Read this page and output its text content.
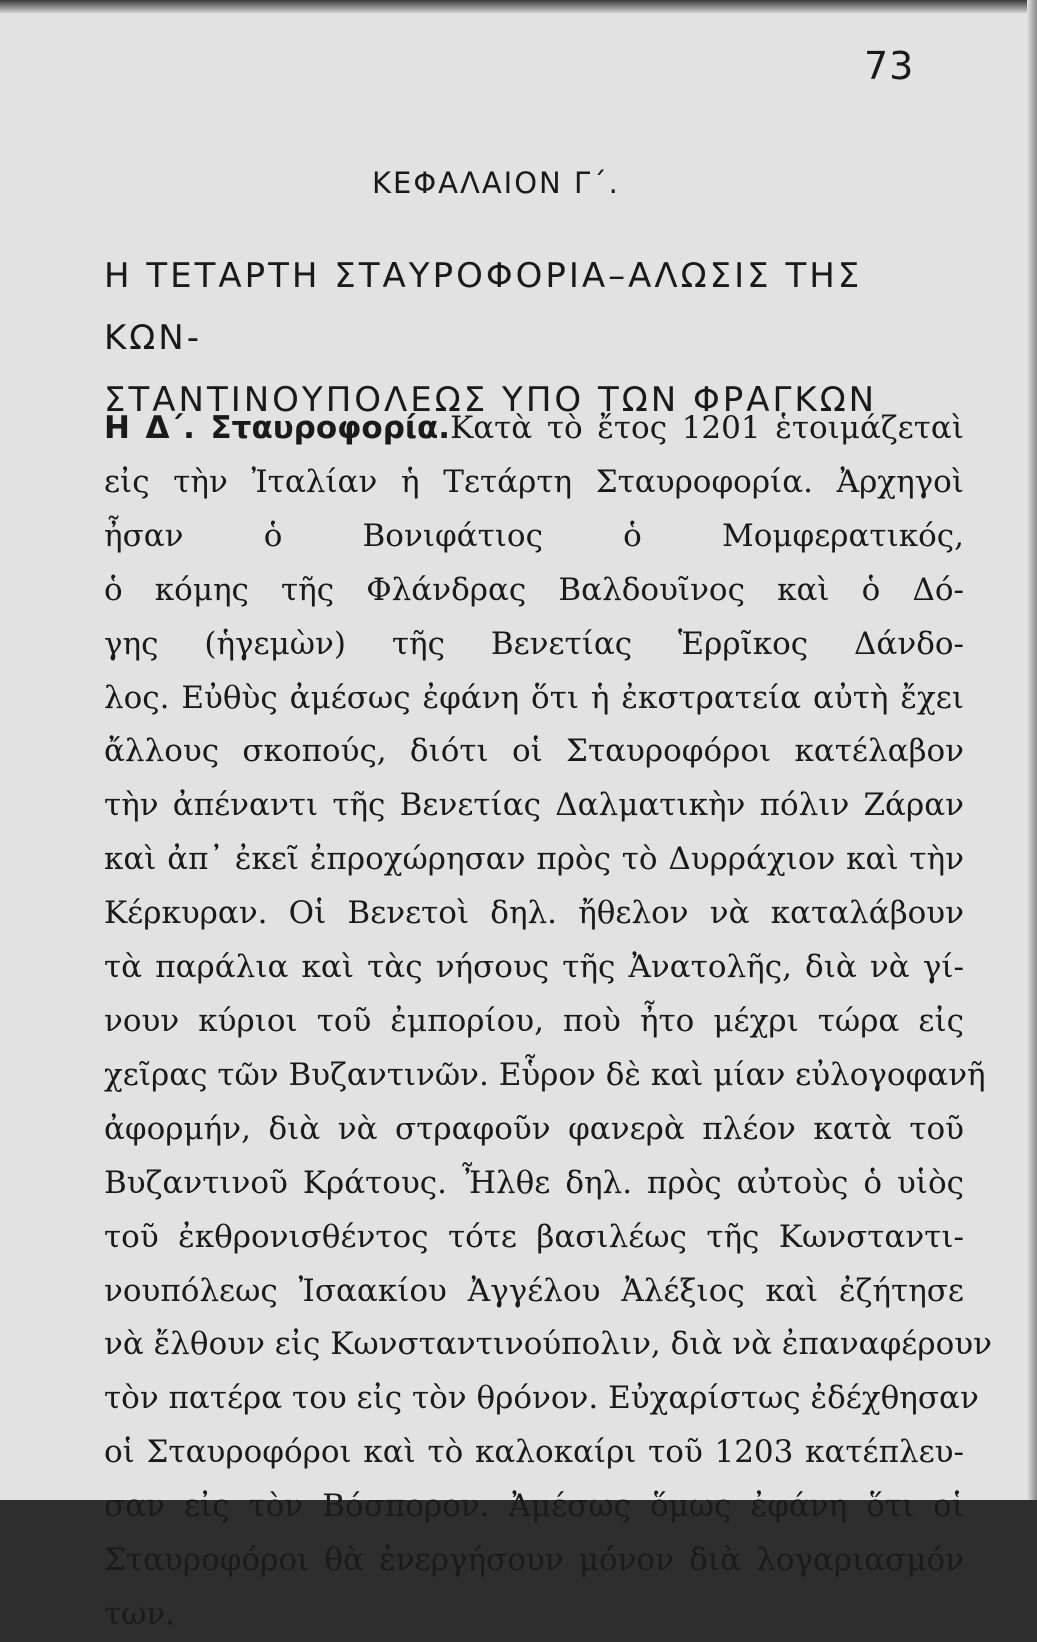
73
ΚΕΦΑΛΑΙΟΝ Γ΄.
Η ΤΕΤΑΡΤΗ ΣΤΑΥΡΟΦΟΡΙΑ–ΑΛΩΣΙΣ ΤΗΣ ΚΩΝ-
ΣΤΑΝΤΙΝΟΥΠΟΛΕΩΣ ΥΠΟ ΤΩΝ ΦΡΑΓΚΩΝ
Η Δ΄. Σταυροφορία.Κατὰ τὸ ἔτος 1201 ἑτοιμάζεταὶ
εἰς τὴν Ἰταλίαν ἡ Τετάρτη Σταυροφορία. Ἀρχηγοὶ
ἦσαν ὁ Βονιφάτιος ὁ Μομφερατικός,
ὁ κόμης τῆς Φλάνδρας Βαλδουῖνος καὶ ὁ Δό-
γης (ἡγεμὼν) τῆς Βενετίας Ἑρρῖκος Δάνδο-
λος. Εὐθὺς ἀμέσως ἐφάνη ὅτι ἡ ἐκστρατεία αὐτὴ ἔχει
ἄλλους σκοπούς, διότι οἱ Σταυροφόροι κατέλαβον
τὴν ἀπέναντι τῆς Βενετίας Δαλματικὴν πόλιν Ζάραν
καὶ ἀπ᾽ ἐκεῖ ἐπροχώρησαν πρὸς τὸ Δυρράχιον καὶ τὴν
Κέρκυραν. Οἱ Βενετοὶ δηλ. ἤθελον νὰ καταλάβουν
τὰ παράλια καὶ τὰς νήσους τῆς Ἀνατολῆς, διὰ νὰ γί-
νουν κύριοι τοῦ ἐμπορίου, ποὺ ἦτο μέχρι τώρα εἰς
χεῖρας τῶν Βυζαντινῶν. Εὗρον δὲ καὶ μίαν εὐλογοφανῆ
ἀφορμήν, διὰ νὰ στραφοῦν φανερὰ πλέον κατὰ τοῦ
Βυζαντινοῦ Κράτους. Ἦλθε δηλ. πρὸς αὐτοὺς ὁ υἱὸς
τοῦ ἐκθρονισθέντος τότε βασιλέως τῆς Κωνσταντι-
νουπόλεως Ἰσαακίου Ἀγγέλου Ἀλέξιος καὶ ἐζήτησε
νὰ ἔλθουν εἰς Κωνσταντινούπολιν, διὰ νὰ ἐπαναφέρουν
τὸν πατέρα του εἰς τὸν θρόνον. Εὐχαρίστως ἐδέχθησαν
οἱ Σταυροφόροι καὶ τὸ καλοκαίρι τοῦ 1203 κατέπλευ-
σαν εἰς τὸν Βόσπορον. Ἀμέσως ὅμως ἐφάνη ὅτι οἱ
Σταυροφόροι θὰ ἐνεργήσουν μόνον διὰ λογαριασμόν
των.
